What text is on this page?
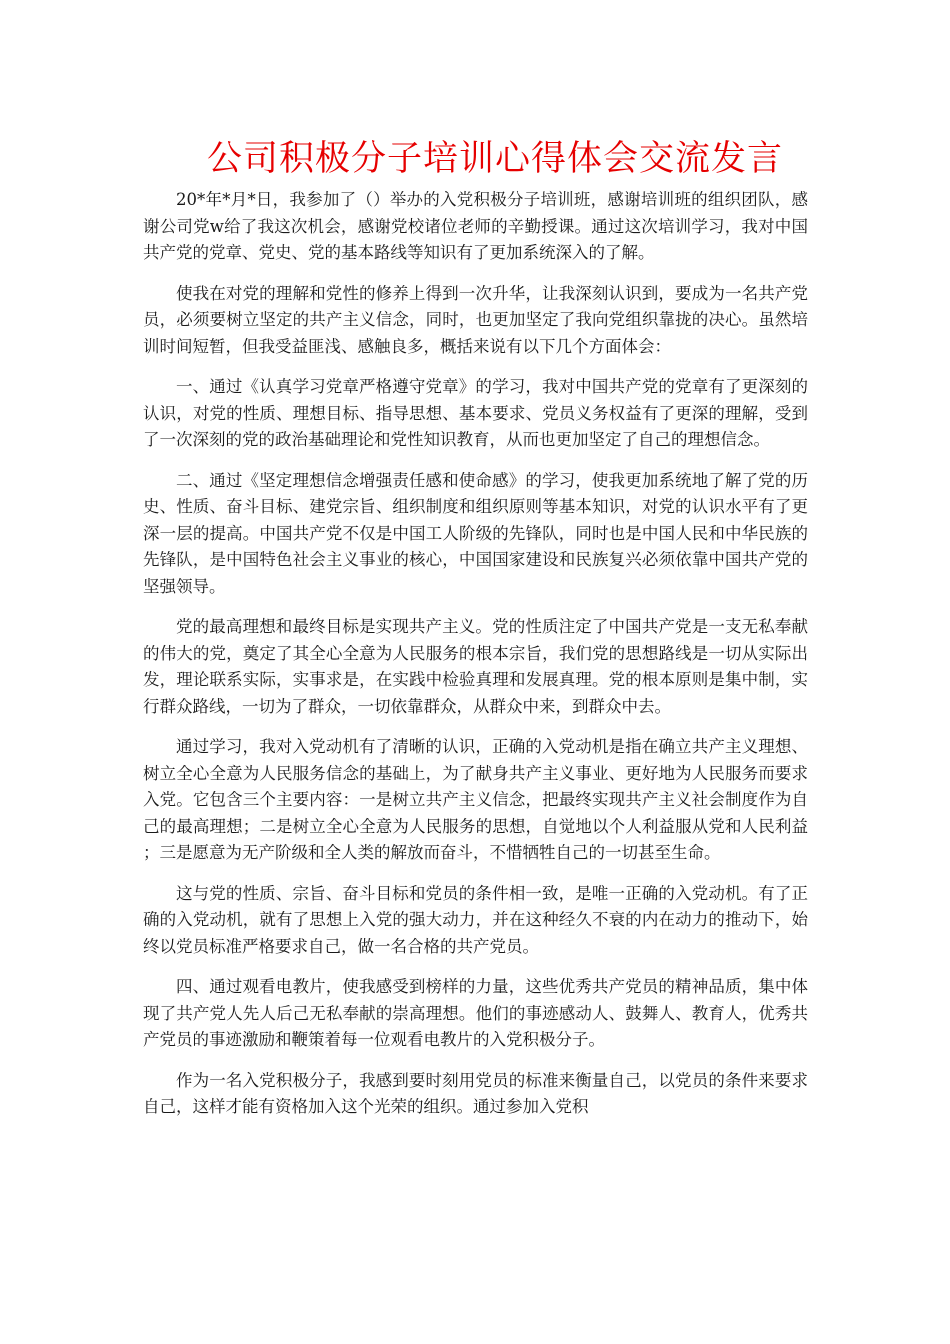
公司积极分子培训心得体会交流发言

20*年*月*日，我参加了（）举办的入党积极分子培训班，感谢培训班的组织团队，感谢公司党w给了我这次机会，感谢党校诸位老师的辛勤授课。通过这次培训学习，我对中国共产党的党章、党史、党的基本路线等知识有了更加系统深入的了解。

使我在对党的理解和党性的修养上得到一次升华，让我深刻认识到，要成为一名共产党员，必须要树立坚定的共产主义信念，同时，也更加坚定了我向党组织靠拢的决心。虽然培训时间短暂，但我受益匪浅、感触良多，概括来说有以下几个方面体会：

一、通过《认真学习党章严格遵守党章》的学习，我对中国共产党的党章有了更深刻的认识，对党的性质、理想目标、指导思想、基本要求、党员义务权益有了更深的理解，受到了一次深刻的党的政治基础理论和党性知识教育，从而也更加坚定了自己的理想信念。

二、通过《坚定理想信念增强责任感和使命感》的学习，使我更加系统地了解了党的历史、性质、奋斗目标、建党宗旨、组织制度和组织原则等基本知识，对党的认识水平有了更深一层的提高。中国共产党不仅是中国工人阶级的先锋队，同时也是中国人民和中华民族的先锋队，是中国特色社会主义事业的核心，中国国家建设和民族复兴必须依靠中国共产党的坚强领导。

党的最高理想和最终目标是实现共产主义。党的性质注定了中国共产党是一支无私奉献的伟大的党，奠定了其全心全意为人民服务的根本宗旨，我们党的思想路线是一切从实际出发，理论联系实际，实事求是，在实践中检验真理和发展真理。党的根本原则是集中制，实行群众路线，一切为了群众，一切依靠群众，从群众中来，到群众中去。

通过学习，我对入党动机有了清晰的认识，正确的入党动机是指在确立共产主义理想、树立全心全意为人民服务信念的基础上，为了献身共产主义事业、更好地为人民服务而要求入党。它包含三个主要内容：一是树立共产主义信念，把最终实现共产主义社会制度作为自己的最高理想；二是树立全心全意为人民服务的思想，自觉地以个人利益服从党和人民利益；三是愿意为无产阶级和全人类的解放而奋斗，不惜牺牲自己的一切甚至生命。

这与党的性质、宗旨、奋斗目标和党员的条件相一致，是唯一正确的入党动机。有了正确的入党动机，就有了思想上入党的强大动力，并在这种经久不衰的内在动力的推动下，始终以党员标准严格要求自己，做一名合格的共产党员。

四、通过观看电教片，使我感受到榜样的力量，这些优秀共产党员的精神品质，集中体现了共产党人先人后己无私奉献的崇高理想。他们的事迹感动人、鼓舞人、教育人，优秀共产党员的事迹激励和鞭策着每一位观看电教片的入党积极分子。

作为一名入党积极分子，我感到要时刻用党员的标准来衡量自己，以党员的条件来要求自己，这样才能有资格加入这个光荣的组织。通过参加入党积
